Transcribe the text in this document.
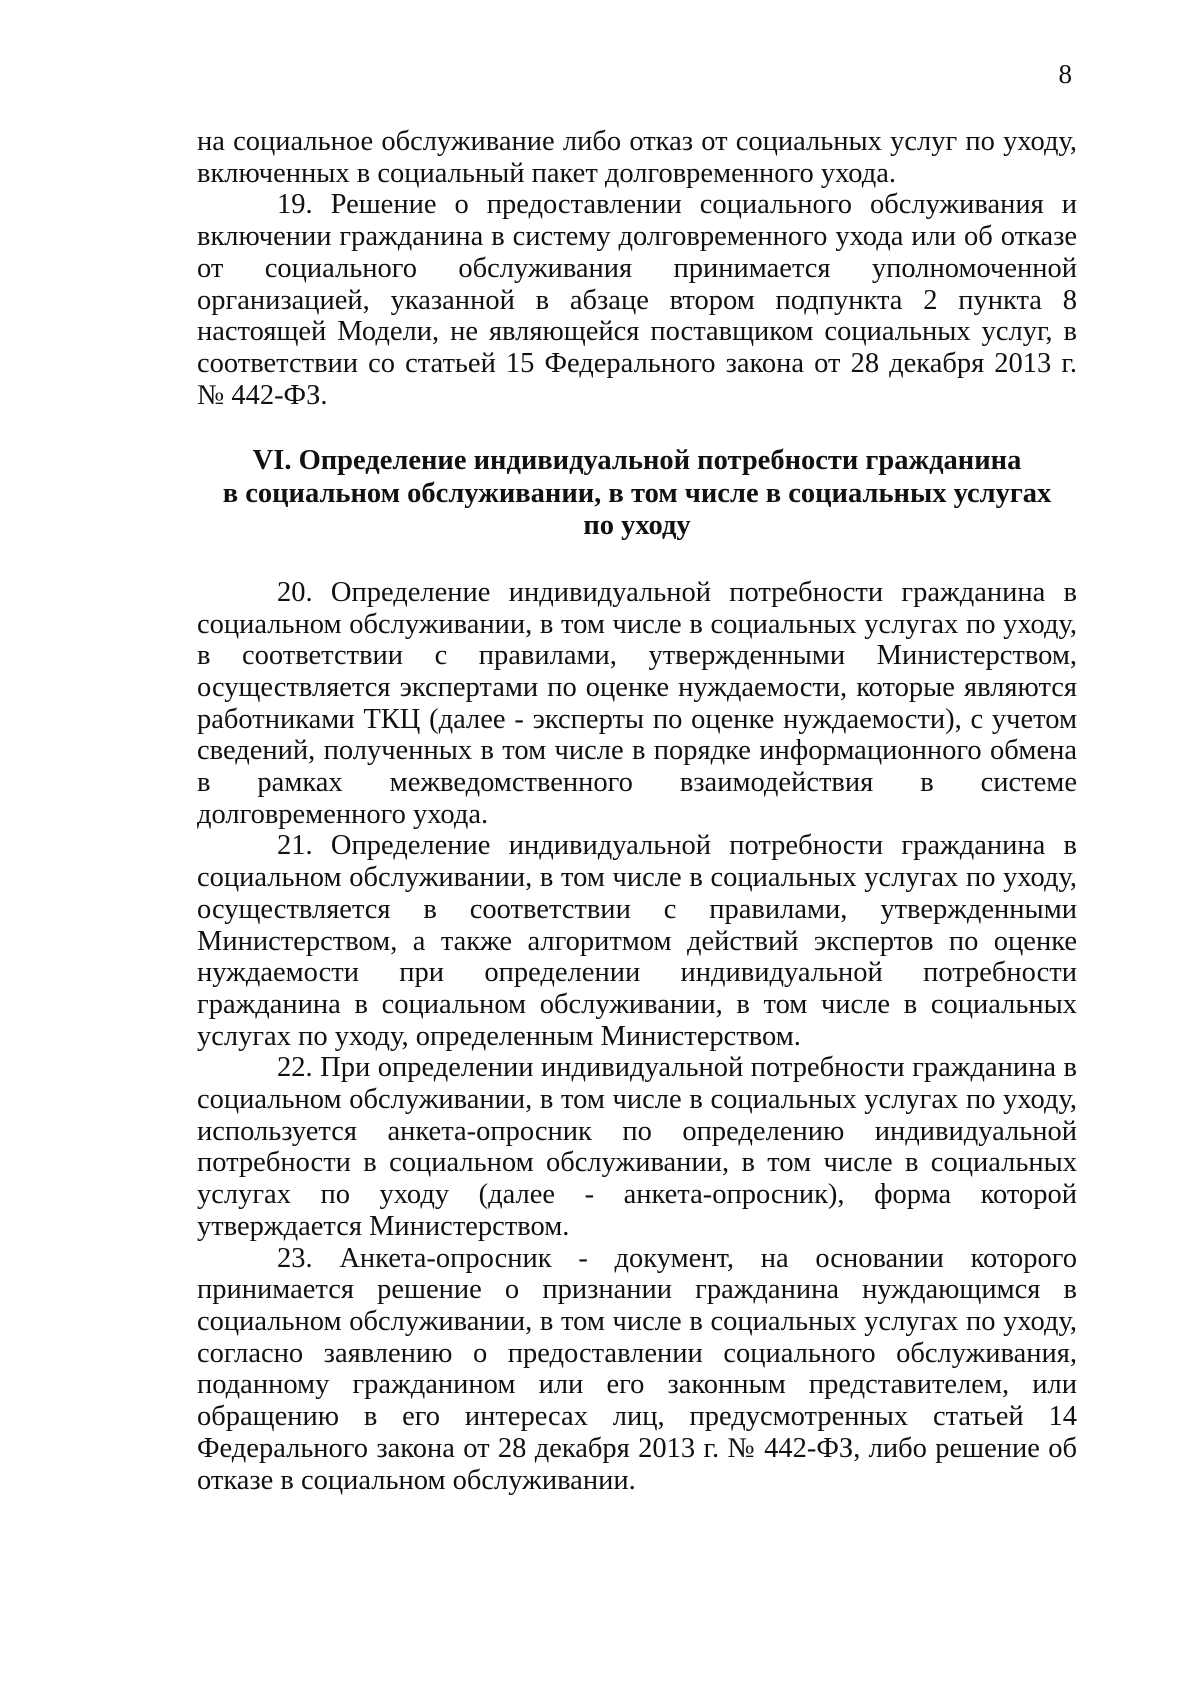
8

на социальное обслуживание либо отказ от социальных услуг по уходу, включенных в социальный пакет долговременного ухода.

19. Решение о предоставлении социального обслуживания и включении гражданина в систему долговременного ухода или об отказе от социального обслуживания принимается уполномоченной организацией, указанной в абзаце втором подпункта 2 пункта 8 настоящей Модели, не являющейся поставщиком социальных услуг, в соответствии со статьей 15 Федерального закона от 28 декабря 2013 г. № 442-ФЗ.

VI. Определение индивидуальной потребности гражданина
в социальном обслуживании, в том числе в социальных услугах
по уходу

20. Определение индивидуальной потребности гражданина в социальном обслуживании, в том числе в социальных услугах по уходу, в соответствии с правилами, утвержденными Министерством, осуществляется экспертами по оценке нуждаемости, которые являются работниками ТКЦ (далее - эксперты по оценке нуждаемости), с учетом сведений, полученных в том числе в порядке информационного обмена в рамках межведомственного взаимодействия в системе долговременного ухода.

21. Определение индивидуальной потребности гражданина в социальном обслуживании, в том числе в социальных услугах по уходу, осуществляется в соответствии с правилами, утвержденными Министерством, а также алгоритмом действий экспертов по оценке нуждаемости при определении индивидуальной потребности гражданина в социальном обслуживании, в том числе в социальных услугах по уходу, определенным Министерством.

22. При определении индивидуальной потребности гражданина в социальном обслуживании, в том числе в социальных услугах по уходу, используется анкета-опросник по определению индивидуальной потребности в социальном обслуживании, в том числе в социальных услугах по уходу (далее - анкета-опросник), форма которой утверждается Министерством.

23. Анкета-опросник - документ, на основании которого принимается решение о признании гражданина нуждающимся в социальном обслуживании, в том числе в социальных услугах по уходу, согласно заявлению о предоставлении социального обслуживания, поданному гражданином или его законным представителем, или обращению в его интересах лиц, предусмотренных статьей 14 Федерального закона от 28 декабря 2013 г. № 442-ФЗ, либо решение об отказе в социальном обслуживании.
